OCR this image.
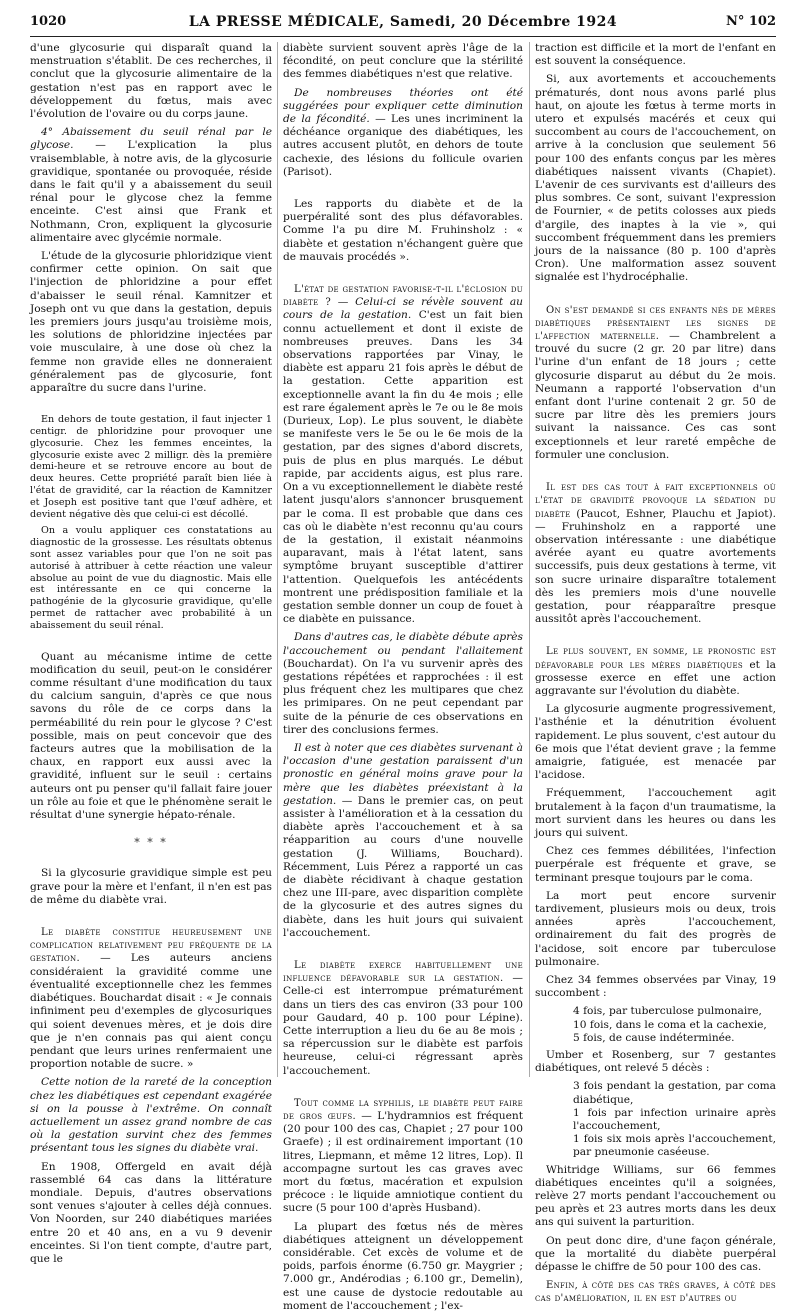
1020	LA PRESSE MÉDICALE, Samedi, 20 Décembre 1924	N° 102

d'une glycosurie qui disparaît quand la menstruation s'établit. De ces recherches, il conclut que la glycosurie alimentaire de la gestation n'est pas en rapport avec le développement du fœtus, mais avec l'évolution de l'ovaire ou du corps jaune.

4° Abaissement du seuil rénal par le glycose. — L'explication la plus vraisemblable, à notre avis, de la glycosurie gravidique, spontanée ou provoquée, réside dans le fait qu'il y a abaissement du seuil rénal pour le glycose chez la femme enceinte. C'est ainsi que Frank et Nothmann, Cron, expliquent la glycosurie alimentaire avec glycémie normale.

L'étude de la glycosurie phloridzique vient confirmer cette opinion. On sait que l'injection de phloridzine a pour effet d'abaisser le seuil rénal. Kamnitzer et Joseph ont vu que dans la gestation, depuis les premiers jours jusqu'au troisième mois, les solutions de phloridzine injectées par voie musculaire, à une dose où chez la femme non gravide elles ne donneraient généralement pas de glycosurie, font apparaître du sucre dans l'urine.

En dehors de toute gestation, il faut injecter 1 centigr. de phloridzine pour provoquer une glycosurie. Chez les femmes enceintes, la glycosurie existe avec 2 milligr. dès la première demi-heure et se retrouve encore au bout de deux heures. Cette propriété paraît bien liée à l'état de gravidité, car la réaction de Kamnitzer et Joseph est positive tant que l'œuf adhère, et devient négative dès que celui-ci est décollé.

On a voulu appliquer ces constatations au diagnostic de la grossesse. Les résultats obtenus sont assez variables pour que l'on ne soit pas autorisé à attribuer à cette réaction une valeur absolue au point de vue du diagnostic. Mais elle est intéressante en ce qui concerne la pathogénie de la glycosurie gravidique, qu'elle permet de rattacher avec probabilité à un abaissement du seuil rénal.

Quant au mécanisme intime de cette modification du seuil, peut-on le considérer comme résultant d'une modification du taux du calcium sanguin, d'après ce que nous savons du rôle de ce corps dans la perméabilité du rein pour le glycose ? C'est possible, mais on peut concevoir que des facteurs autres que la mobilisation de la chaux, en rapport eux aussi avec la gravidité, influent sur le seuil : certains auteurs ont pu penser qu'il fallait faire jouer un rôle au foie et que le phénomène serait le résultat d'une synergie hépato-rénale.

* * *

Si la glycosurie gravidique simple est peu grave pour la mère et l'enfant, il n'en est pas de même du diabète vrai.

Le diabète constitue heureusement une complication relativement peu fréquente de la gestation. — Les auteurs anciens considéraient la gravidité comme une éventualité exceptionnelle chez les femmes diabétiques. Bouchardat disait : « Je connais infiniment peu d'exemples de glycosuriques qui soient devenues mères, et je dois dire que je n'en connais pas qui aient conçu pendant que leurs urines renfermaient une proportion notable de sucre. »

Cette notion de la rareté de la conception chez les diabétiques est cependant exagérée si on la pousse à l'extrême. On connaît actuellement un assez grand nombre de cas où la gestation survint chez des femmes présentant tous les signes du diabète vrai.

En 1908, Offergeld en avait déjà rassemblé 64 cas dans la littérature mondiale. Depuis, d'autres observations sont venues s'ajouter à celles déjà connues. Von Noorden, sur 240 diabétiques mariées entre 20 et 40 ans, en a vu 9 devenir enceintes. Si l'on tient compte, d'autre part, que le

diabète survient souvent après l'âge de la fécondité, on peut conclure que la stérilité des femmes diabétiques n'est que relative.

De nombreuses théories ont été suggérées pour expliquer cette diminution de la fécondité. — Les unes incriminent la déchéance organique des diabétiques, les autres accusent plutôt, en dehors de toute cachexie, des lésions du follicule ovarien (Parisot).

Les rapports du diabète et de la puerpéralité sont des plus défavorables. Comme l'a pu dire M. Fruhinsholz : « diabète et gestation n'échangent guère que de mauvais procédés ».

L'état de gestation favorise-t-il l'éclosion du diabète ? — Celui-ci se révèle souvent au cours de la gestation. C'est un fait bien connu actuellement et dont il existe de nombreuses preuves. Dans les 34 observations rapportées par Vinay, le diabète est apparu 21 fois après le début de la gestation. Cette apparition est exceptionnelle avant la fin du 4e mois ; elle est rare également après le 7e ou le 8e mois (Durieux, Lop). Le plus souvent, le diabète se manifeste vers le 5e ou le 6e mois de la gestation, par des signes d'abord discrets, puis de plus en plus marqués. Le début rapide, par accidents aigus, est plus rare. On a vu exceptionnellement le diabète resté latent jusqu'alors s'annoncer brusquement par le coma. Il est probable que dans ces cas où le diabète n'est reconnu qu'au cours de la gestation, il existait néanmoins auparavant, mais à l'état latent, sans symptôme bruyant susceptible d'attirer l'attention. Quelquefois les antécédents montrent une prédisposition familiale et la gestation semble donner un coup de fouet à ce diabète en puissance.

Dans d'autres cas, le diabète débute après l'accouchement ou pendant l'allaitement (Bouchardat). On l'a vu survenir après des gestations répétées et rapprochées : il est plus fréquent chez les multipares que chez les primipares. On ne peut cependant par suite de la pénurie de ces observations en tirer des conclusions fermes.

Il est à noter que ces diabètes survenant à l'occasion d'une gestation paraissent d'un pronostic en général moins grave pour la mère que les diabètes préexistant à la gestation. — Dans le premier cas, on peut assister à l'amélioration et à la cessation du diabète après l'accouchement et à sa réapparition au cours d'une nouvelle gestation (J. Williams, Bouchard). Récemment, Luis Pérez a rapporté un cas de diabète récidivant à chaque gestation chez une III-pare, avec disparition complète de la glycosurie et des autres signes du diabète, dans les huit jours qui suivaient l'accouchement.

Le diabète exerce habituellement une influence défavorable sur la gestation. — Celle-ci est interrompue prématurément dans un tiers des cas environ (33 pour 100 pour Gaudard, 40 p. 100 pour Lépine). Cette interruption a lieu du 6e au 8e mois ; sa répercussion sur le diabète est parfois heureuse, celui-ci régressant après l'accouchement.

Tout comme la syphilis, le diabète peut faire de gros œufs. — L'hydramnios est fréquent (20 pour 100 des cas, Chapiet ; 27 pour 100 Graefe) ; il est ordinairement important (10 litres, Liepmann, et même 12 litres, Lop). Il accompagne surtout les cas graves avec mort du fœtus, macération et expulsion précoce : le liquide amniotique contient du sucre (5 pour 100 d'après Husband).

La plupart des fœtus nés de mères diabétiques atteignent un développement considérable. Cet excès de volume et de poids, parfois énorme (6.750 gr. Maygrier ; 7.000 gr., Andérodias ; 6.100 gr., Demelin), est une cause de dystocie redoutable au moment de l'accouchement ; l'ex-

traction est difficile et la mort de l'enfant en est souvent la conséquence.

Si, aux avortements et accouchements prématurés, dont nous avons parlé plus haut, on ajoute les fœtus à terme morts in utero et expulsés macérés et ceux qui succombent au cours de l'accouchement, on arrive à la conclusion que seulement 56 pour 100 des enfants conçus par les mères diabétiques naissent vivants (Chapiet). L'avenir de ces survivants est d'ailleurs des plus sombres. Ce sont, suivant l'expression de Fournier, « de petits colosses aux pieds d'argile, des inaptes à la vie », qui succombent fréquemment dans les premiers jours de la naissance (80 p. 100 d'après Cron). Une malformation assez souvent signalée est l'hydrocéphalie.

On s'est demandé si ces enfants nés de mères diabétiques présentaient les signes de l'affection maternelle. — Chambrelent a trouvé du sucre (2 gr. 20 par litre) dans l'urine d'un enfant de 18 jours ; cette glycosurie disparut au début du 2e mois. Neumann a rapporté l'observation d'un enfant dont l'urine contenait 2 gr. 50 de sucre par litre dès les premiers jours suivant la naissance. Ces cas sont exceptionnels et leur rareté empêche de formuler une conclusion.

Il est des cas tout à fait exceptionnels où l'état de gravidité provoque la sédation du diabète (Paucot, Eshner, Plauchu et Japiot). — Fruhinsholz en a rapporté une observation intéressante : une diabétique avérée ayant eu quatre avortements successifs, puis deux gestations à terme, vit son sucre urinaire disparaître totalement dès les premiers mois d'une nouvelle gestation, pour réapparaître presque aussitôt après l'accouchement.

Le plus souvent, en somme, le pronostic est défavorable pour les mères diabétiques et la grossesse exerce en effet une action aggravante sur l'évolution du diabète.

La glycosurie augmente progressivement, l'asthénie et la dénutrition évoluent rapidement. Le plus souvent, c'est autour du 6e mois que l'état devient grave ; la femme amaigrie, fatiguée, est menacée par l'acidose.

Fréquemment, l'accouchement agit brutalement à la façon d'un traumatisme, la mort survient dans les heures ou dans les jours qui suivent.

Chez ces femmes débilitées, l'infection puerpérale est fréquente et grave, se terminant presque toujours par le coma.

La mort peut encore survenir tardivement, plusieurs mois ou deux, trois années après l'accouchement, ordinairement du fait des progrès de l'acidose, soit encore par tuberculose pulmonaire.

Chez 34 femmes observées par Vinay, 19 succombent :

4 fois, par tuberculose pulmonaire,
10 fois, dans le coma et la cachexie,
5 fois, de cause indéterminée.

Umber et Rosenberg, sur 7 gestantes diabétiques, ont relevé 5 décès :

3 fois pendant la gestation, par coma diabétique,
1 fois par infection urinaire après l'accouchement,
1 fois six mois après l'accouchement, par pneumonie caséeuse.

Whitridge Williams, sur 66 femmes diabétiques enceintes qu'il a soignées, relève 27 morts pendant l'accouchement ou peu après et 23 autres morts dans les deux ans qui suivent la parturition.

On peut donc dire, d'une façon générale, que la mortalité du diabète puerpéral dépasse le chiffre de 50 pour 100 des cas.

Enfin, à côté des cas très graves, à côté des cas d'amélioration, il en est d'autres ou
